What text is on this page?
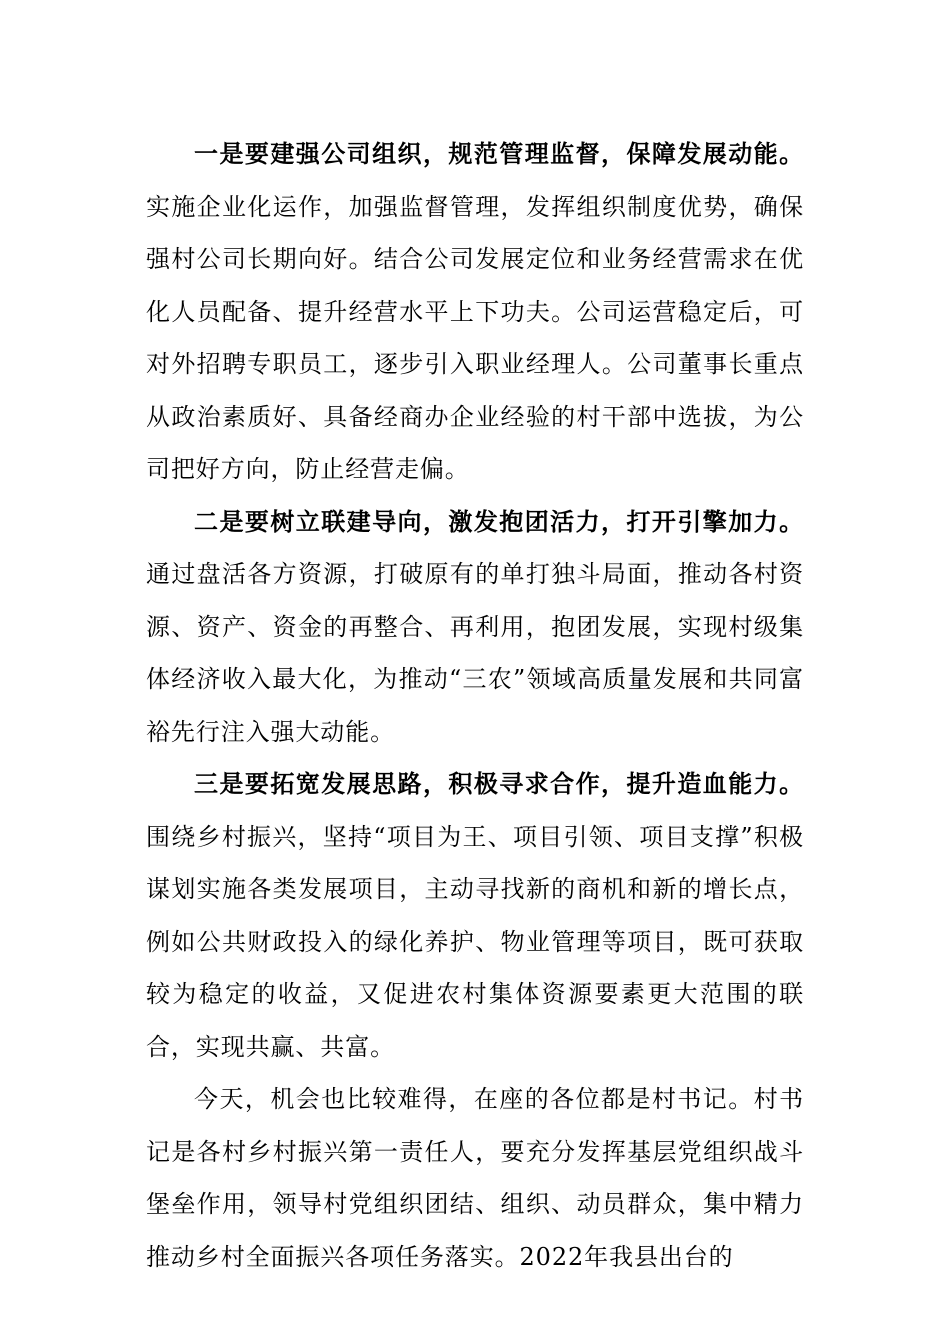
一是要建强公司组织，规范管理监督，保障发展动能。实施企业化运作，加强监督管理，发挥组织制度优势，确保强村公司长期向好。结合公司发展定位和业务经营需求在优化人员配备、提升经营水平上下功夫。公司运营稳定后，可对外招聘专职员工，逐步引入职业经理人。公司董事长重点从政治素质好、具备经商办企业经验的村干部中选拔，为公司把好方向，防止经营走偏。

二是要树立联建导向，激发抱团活力，打开引擎加力。通过盘活各方资源，打破原有的单打独斗局面，推动各村资源、资产、资金的再整合、再利用，抱团发展，实现村级集体经济收入最大化，为推动“三农”领域高质量发展和共同富裕先行注入强大动能。

三是要拓宽发展思路，积极寻求合作，提升造血能力。围绕乡村振兴，坚持“项目为王、项目引领、项目支撑”积极谋划实施各类发展项目，主动寻找新的商机和新的增长点，例如公共财政投入的绿化养护、物业管理等项目，既可获取较为稳定的收益，又促进农村集体资源要素更大范围的联合，实现共赢、共富。

今天，机会也比较难得，在座的各位都是村书记。村书记是各村乡村振兴第一责任人，要充分发挥基层党组织战斗堡垒作用，领导村党组织团结、组织、动员群众，集中精力推动乡村全面振兴各项任务落实。2022年我县出台的
